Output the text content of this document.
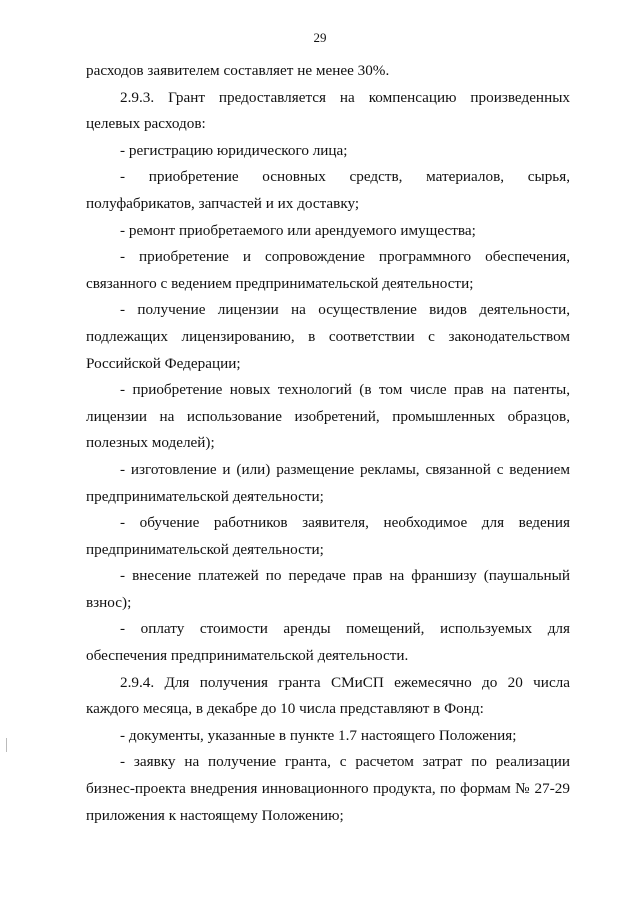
29

расходов заявителем составляет не менее 30%.

2.9.3. Грант предоставляется на компенсацию произведенных целевых расходов:

- регистрацию юридического лица;

- приобретение основных средств, материалов, сырья, полуфабрикатов, запчастей и их доставку;

- ремонт приобретаемого или арендуемого имущества;

- приобретение и сопровождение программного обеспечения, связанного с ведением предпринимательской деятельности;

- получение лицензии на осуществление видов деятельности, подлежащих лицензированию, в соответствии с законодательством Российской Федерации;

- приобретение новых технологий (в том числе прав на патенты, лицензии на использование изобретений, промышленных образцов, полезных моделей);

- изготовление и (или) размещение рекламы, связанной с ведением предпринимательской деятельности;

- обучение работников заявителя, необходимое для ведения предпринимательской деятельности;

- внесение платежей по передаче прав на франшизу (паушальный взнос);

- оплату стоимости аренды помещений, используемых для обеспечения предпринимательской деятельности.

2.9.4. Для получения гранта СМиСП ежемесячно до 20 числа каждого месяца, в декабре до 10 числа представляют в Фонд:

- документы, указанные в пункте 1.7 настоящего Положения;

- заявку на получение гранта, с расчетом затрат по реализации бизнес-проекта внедрения инновационного продукта, по формам № 27-29 приложения к настоящему Положению;
